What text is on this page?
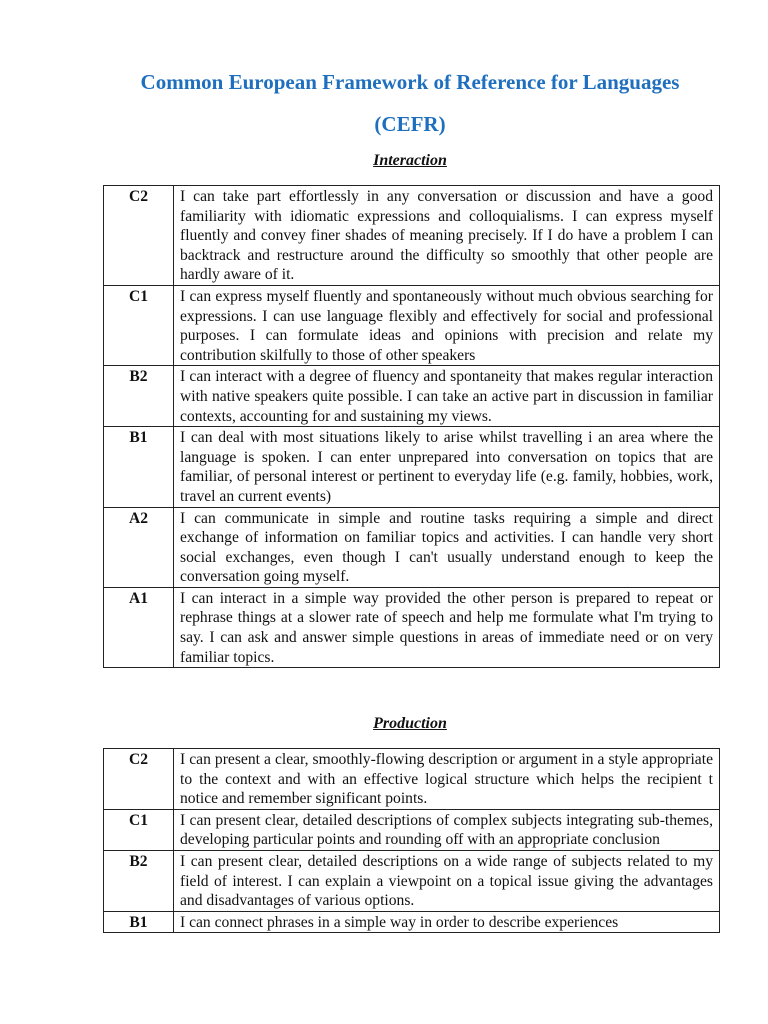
Common European Framework of Reference for Languages
(CEFR)
Interaction
C2	I can take part effortlessly in any conversation or discussion and have a good familiarity with idiomatic expressions and colloquialisms. I can express myself fluently and convey finer shades of meaning precisely. If I do have a problem I can backtrack and restructure around the difficulty so smoothly that other people are hardly aware of it.
C1	I can express myself fluently and spontaneously without much obvious searching for expressions. I can use language flexibly and effectively for social and professional purposes. I can formulate ideas and opinions with precision and relate my contribution skilfully to those of other speakers
B2	I can interact with a degree of fluency and spontaneity that makes regular interaction with native speakers quite possible. I can take an active part in discussion in familiar contexts, accounting for and sustaining my views.
B1	I can deal with most situations likely to arise whilst travelling i an area where the language is spoken. I can enter unprepared into conversation on topics that are familiar, of personal interest or pertinent to everyday life (e.g. family, hobbies, work, travel an current events)
A2	I can communicate in simple and routine tasks requiring a simple and direct exchange of information on familiar topics and activities. I can handle very short social exchanges, even though I can't usually understand enough to keep the conversation going myself.
A1	I can interact in a simple way provided the other person is prepared to repeat or rephrase things at a slower rate of speech and help me formulate what I'm trying to say. I can ask and answer simple questions in areas of immediate need or on very familiar topics.
Production
C2	I can present a clear, smoothly-flowing description or argument in a style appropriate to the context and with an effective logical structure which helps the recipient t notice and remember significant points.
C1	I can present clear, detailed descriptions of complex subjects integrating sub-themes, developing particular points and rounding off with an appropriate conclusion
B2	I can present clear, detailed descriptions on a wide range of subjects related to my field of interest. I can explain a viewpoint on a topical issue giving the advantages and disadvantages of various options.
B1	I can connect phrases in a simple way in order to describe experiences
